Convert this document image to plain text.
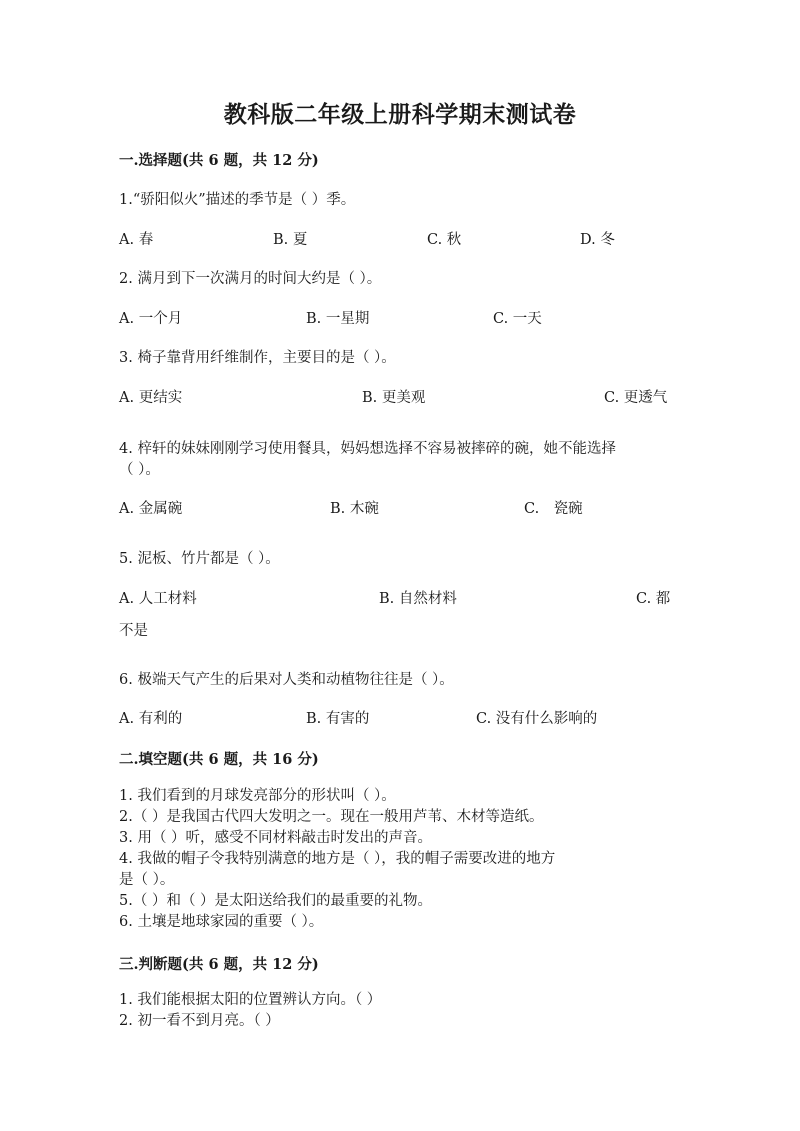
教科版二年级上册科学期末测试卷
一.选择题(共 6 题，共 12 分)
1.“骄阳似火”描述的季节是（ ）季。
A. 春	B. 夏	C. 秋	D. 冬
2. 满月到下一次满月的时间大约是（ ）。
A. 一个月	B. 一星期	C. 一天
3. 椅子靠背用纤维制作，主要目的是（ ）。
A. 更结实	B. 更美观	C. 更透气
4. 梓轩的妹妹刚刚学习使用餐具，妈妈想选择不容易被摔碎的碗，她不能选择
（ ）。
A. 金属碗	B. 木碗	C.　瓷碗
5. 泥板、竹片都是（ ）。
A. 人工材料	B. 自然材料	C. 都
不是
6. 极端天气产生的后果对人类和动植物往往是（ ）。
A. 有利的	B. 有害的	C. 没有什么影响的
二.填空题(共 6 题，共 16 分)
1. 我们看到的月球发亮部分的形状叫（ ）。
2.（ ）是我国古代四大发明之一。现在一般用芦苇、木材等造纸。
3. 用（ ）听，感受不同材料敲击时发出的声音。
4. 我做的帽子令我特别满意的地方是（ ），我的帽子需要改进的地方
是（ ）。
5.（ ）和（ ）是太阳送给我们的最重要的礼物。
6. 土壤是地球家园的重要（ ）。
三.判断题(共 6 题，共 12 分)
1. 我们能根据太阳的位置辨认方向。（ ）
2. 初一看不到月亮。（ ）
